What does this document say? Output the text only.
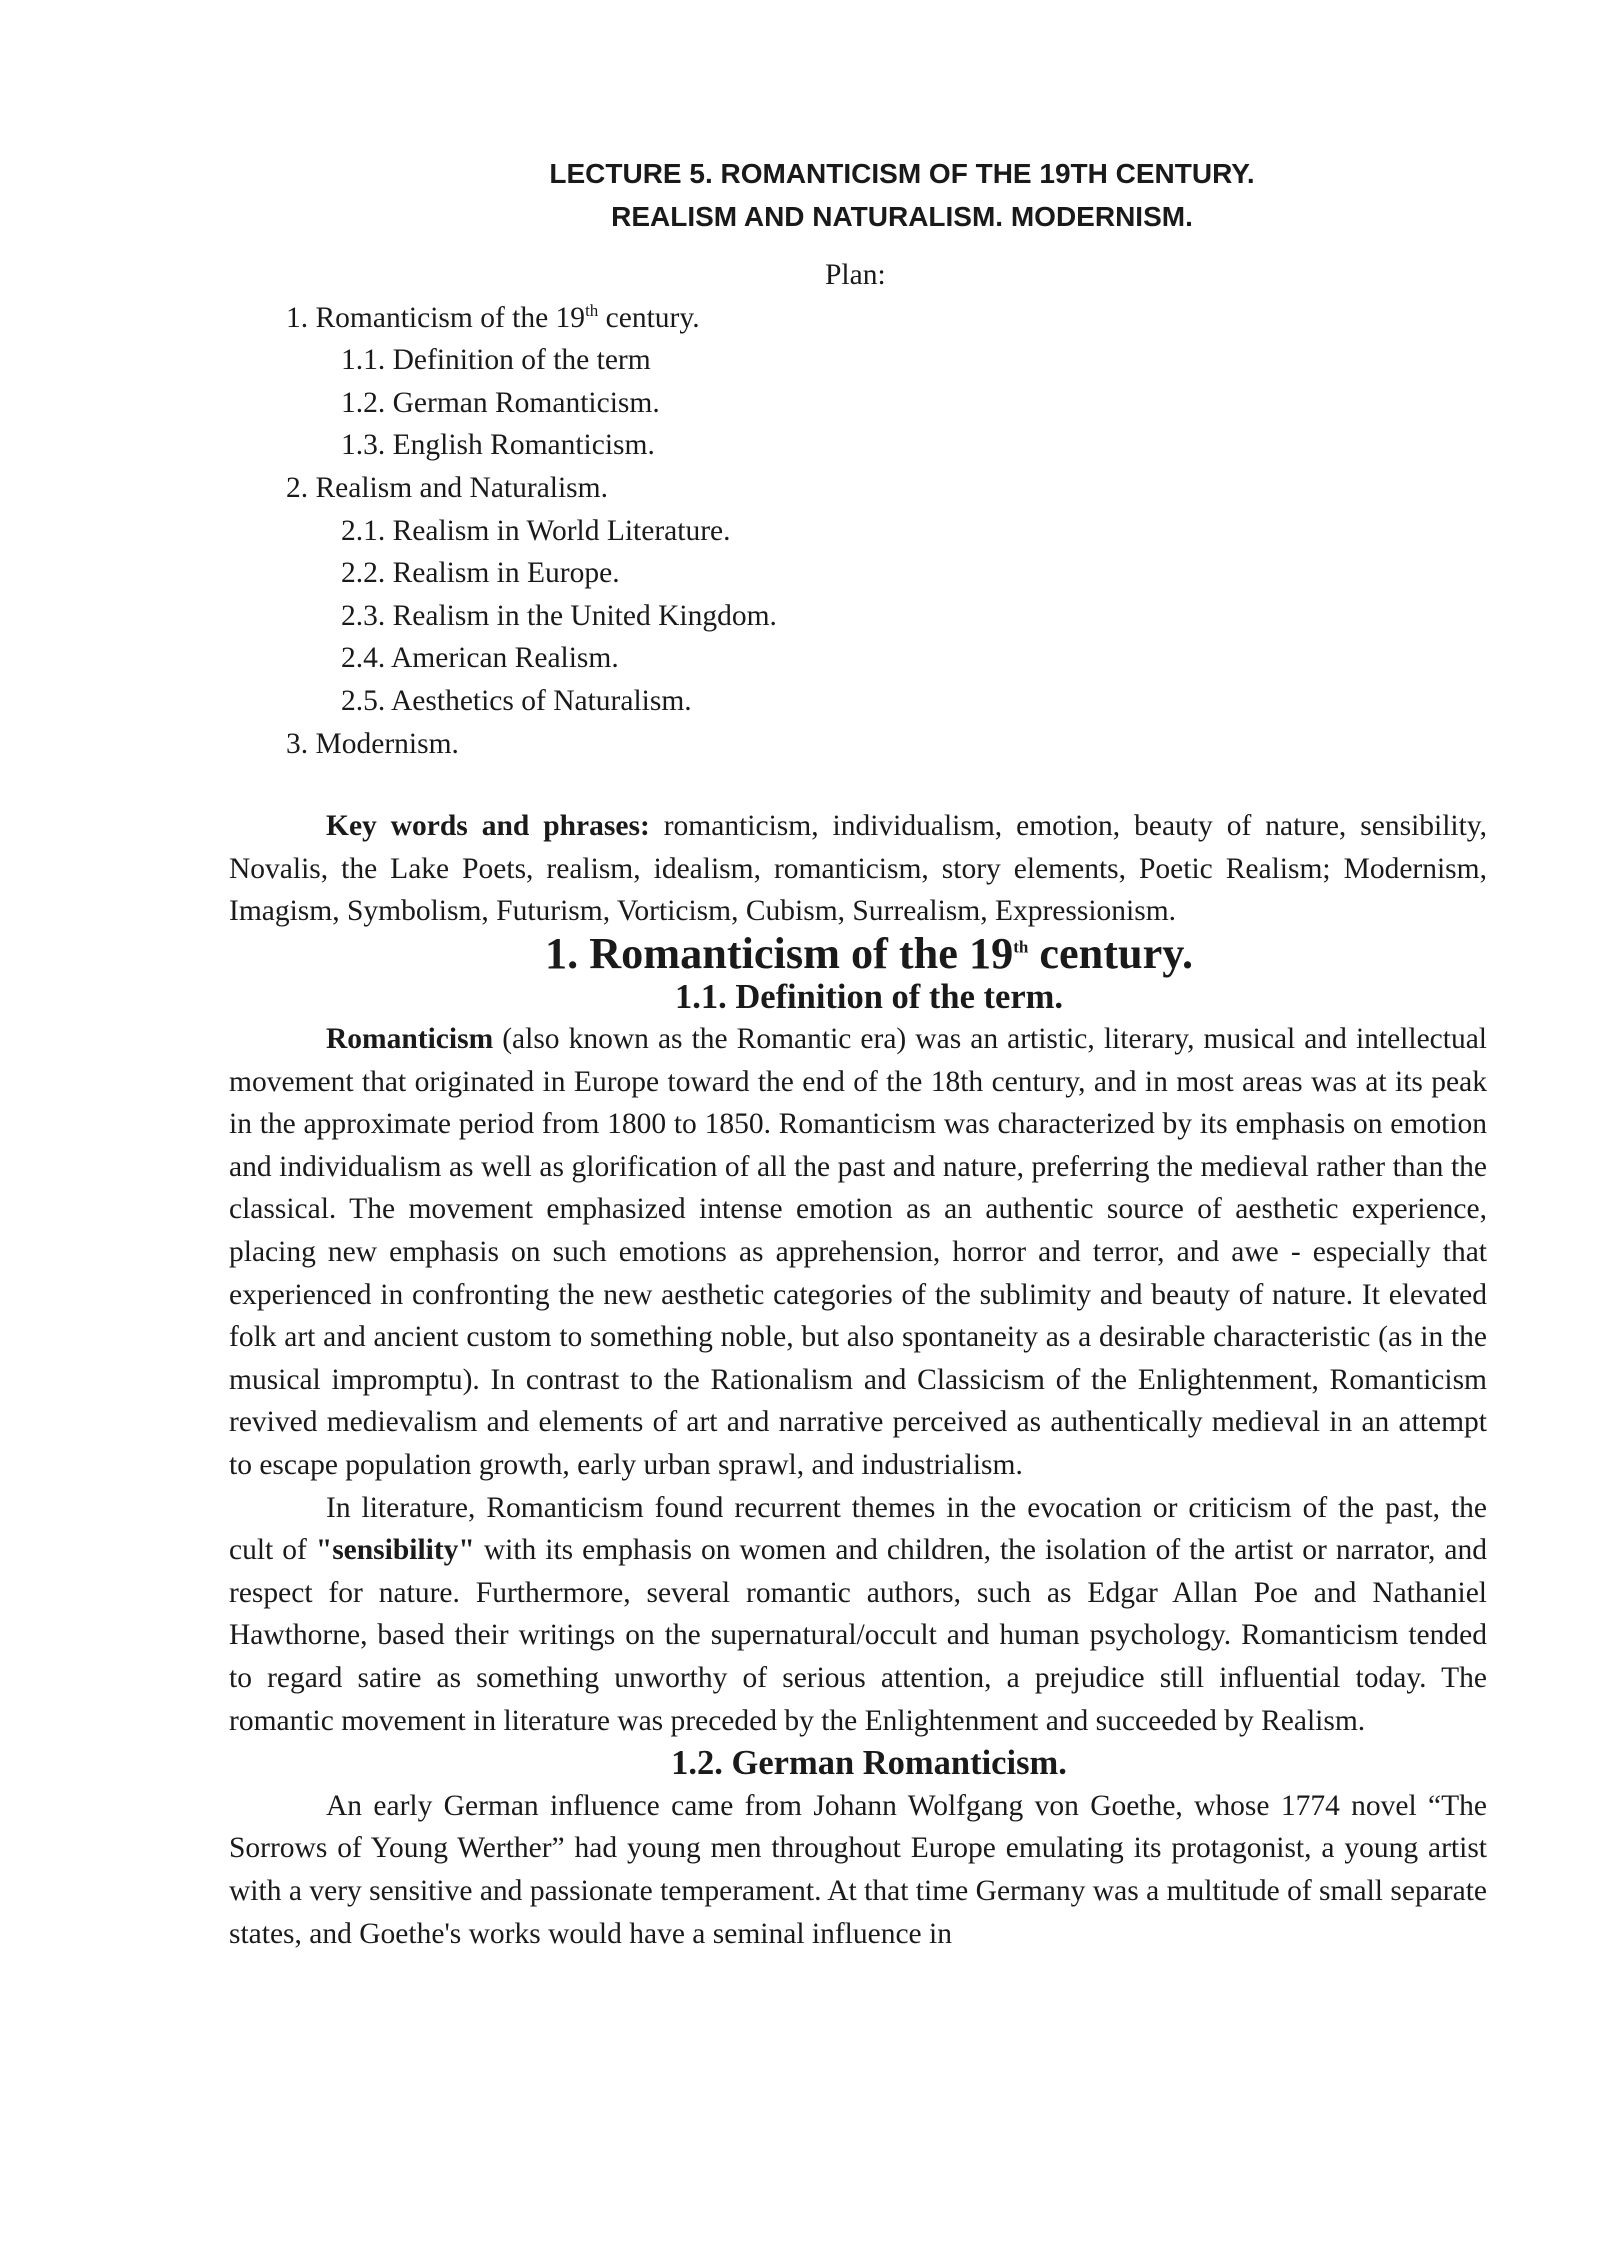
LECTURE 5. ROMANTICISM OF THE 19TH CENTURY.
REALISM AND NATURALISM. MODERNISM.

Plan:

1. Romanticism of the 19th century.
1.1. Definition of the term
1.2. German Romanticism.
1.3. English Romanticism.
2. Realism and Naturalism.
2.1. Realism in World Literature.
2.2. Realism in Europe.
2.3. Realism in the United Kingdom.
2.4. American Realism.
2.5. Aesthetics of Naturalism.
3. Modernism.

Key words and phrases: romanticism, individualism, emotion, beauty of nature, sensibility, Novalis, the Lake Poets, realism, idealism, romanticism, story elements, Poetic Realism; Modernism, Imagism, Symbolism, Futurism, Vorticism, Cubism, Surrealism, Expressionism.

1. Romanticism of the 19th century.
1.1. Definition of the term.

Romanticism (also known as the Romantic era) was an artistic, literary, musical and intellectual movement that originated in Europe toward the end of the 18th century, and in most areas was at its peak in the approximate period from 1800 to 1850. Romanticism was characterized by its emphasis on emotion and individualism as well as glorification of all the past and nature, preferring the medieval rather than the classical. The movement emphasized intense emotion as an authentic source of aesthetic experience, placing new emphasis on such emotions as apprehension, horror and terror, and awe - especially that experienced in confronting the new aesthetic categories of the sublimity and beauty of nature. It elevated folk art and ancient custom to something noble, but also spontaneity as a desirable characteristic (as in the musical impromptu). In contrast to the Rationalism and Classicism of the Enlightenment, Romanticism revived medievalism and elements of art and narrative perceived as authentically medieval in an attempt to escape population growth, early urban sprawl, and industrialism.

In literature, Romanticism found recurrent themes in the evocation or criticism of the past, the cult of "sensibility" with its emphasis on women and children, the isolation of the artist or narrator, and respect for nature. Furthermore, several romantic authors, such as Edgar Allan Poe and Nathaniel Hawthorne, based their writings on the supernatural/occult and human psychology. Romanticism tended to regard satire as something unworthy of serious attention, a prejudice still influential today. The romantic movement in literature was preceded by the Enlightenment and succeeded by Realism.

1.2. German Romanticism.

An early German influence came from Johann Wolfgang von Goethe, whose 1774 novel “The Sorrows of Young Werther” had young men throughout Europe emulating its protagonist, a young artist with a very sensitive and passionate temperament. At that time Germany was a multitude of small separate states, and Goethe's works would have a seminal influence in
